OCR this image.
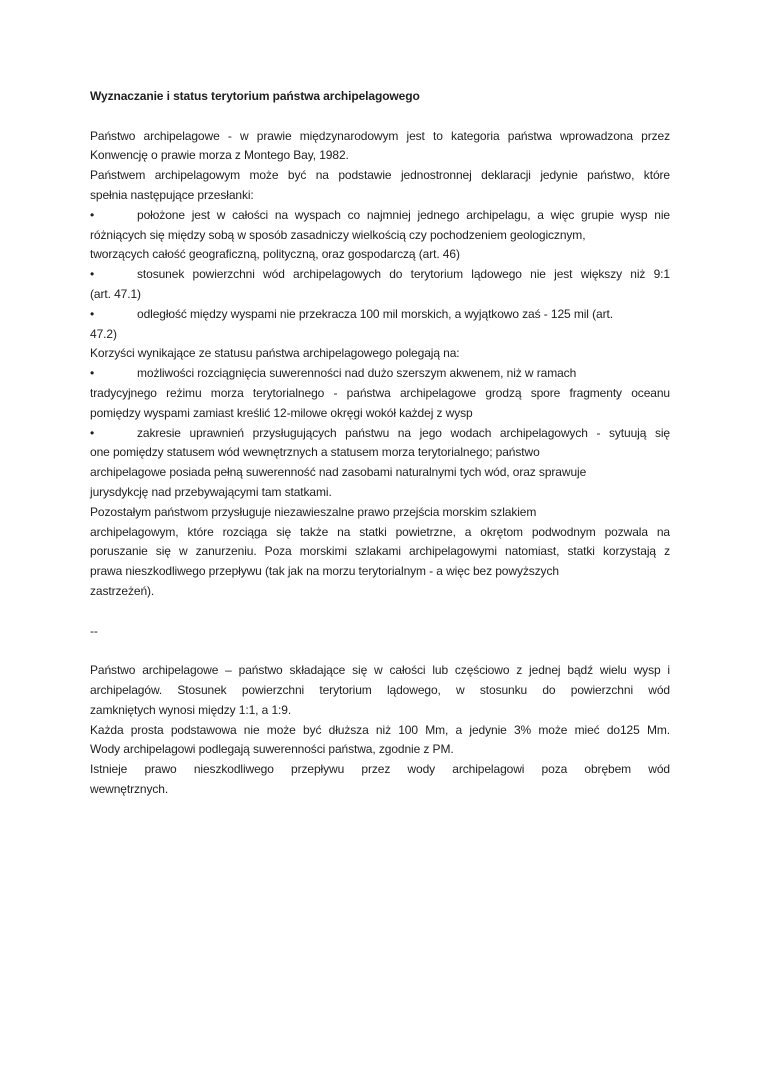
Wyznaczanie i status terytorium państwa archipelagowego
Państwo archipelagowe - w prawie międzynarodowym jest to kategoria państwa wprowadzona przez
Konwencję o prawie morza z Montego Bay, 1982.
Państwem archipelagowym może być na podstawie jednostronnej deklaracji jedynie państwo, które
spełnia następujące przesłanki:
•	położone jest w całości na wyspach co najmniej jednego archipelagu, a więc grupie wysp nie
różniących się między sobą w sposób zasadniczy wielkością czy pochodzeniem geologicznym,
tworzących całość geograficzną, polityczną, oraz gospodarczą (art. 46)
•	stosunek powierzchni wód archipelagowych do terytorium lądowego nie jest większy niż 9:1
(art. 47.1)
•	odległość między wyspami nie przekracza 100 mil morskich, a wyjątkowo zaś - 125 mil (art.
47.2)
Korzyści wynikające ze statusu państwa archipelagowego polegają na:
•	możliwości rozciągnięcia suwerenności nad dużo szerszym akwenem, niż w ramach
tradycyjnego reżimu morza terytorialnego - państwa archipelagowe grodzą spore fragmenty oceanu
pomiędzy wyspami zamiast kreślić 12-milowe okręgi wokół każdej z wysp
•	zakresie uprawnień przysługujących państwu na jego wodach archipelagowych - sytuują się
one pomiędzy statusem wód wewnętrznych a statusem morza terytorialnego; państwo
archipelagowe posiada pełną suwerenność nad zasobami naturalnymi tych wód, oraz sprawuje
jurysdykcję nad przebywającymi tam statkami.
Pozostałym państwom przysługuje niezawieszalne prawo przejścia morskim szlakiem
archipelagowym, które rozciąga się także na statki powietrzne, a okrętom podwodnym pozwala na
poruszanie się w zanurzeniu. Poza morskimi szlakami archipelagowymi natomiast, statki korzystają z
prawa nieszkodliwego przepływu (tak jak na morzu terytorialnym - a więc bez powyższych
zastrzeżeń).
--
Państwo archipelagowe – państwo składające się w całości lub częściowo z jednej bądź wielu wysp i
archipelagów. Stosunek powierzchni terytorium lądowego, w stosunku do powierzchni wód
zamkniętych wynosi między 1:1, a 1:9.
Każda prosta podstawowa nie może być dłuższa niż 100 Mm, a jedynie 3% może mieć do125 Mm.
Wody archipelagowi podlegają suwerenności państwa, zgodnie z PM.
Istnieje prawo nieszkodliwego przepływu przez wody archipelagowi poza obrębem wód
wewnętrznych.
